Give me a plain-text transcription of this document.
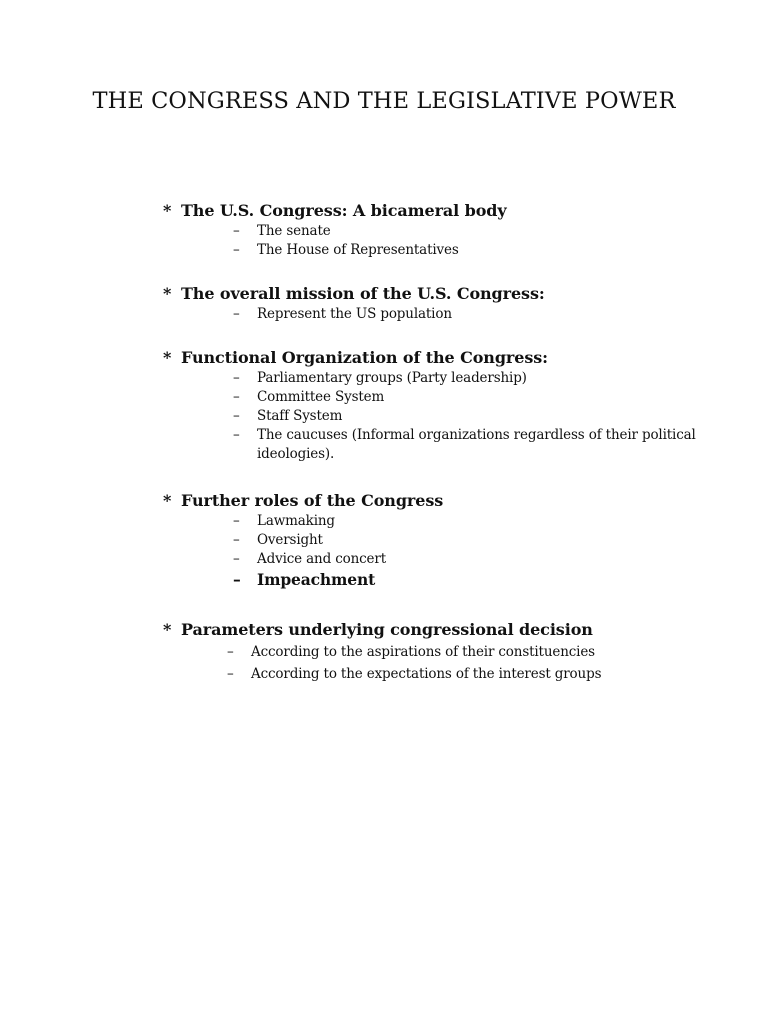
THE CONGRESS AND THE LEGISLATIVE POWER
* The U.S. Congress: A bicameral body
– The senate
– The House of Representatives
* The overall mission of the U.S. Congress:
– Represent the US population
* Functional Organization of the Congress:
– Parliamentary groups (Party leadership)
– Committee System
– Staff System
– The caucuses (Informal organizations regardless of their political ideologies).
* Further roles of the Congress
– Lawmaking
– Oversight
– Advice and concert
– Impeachment
* Parameters underlying congressional decision
– According to the aspirations of their constituencies
– According to the expectations of the interest groups
